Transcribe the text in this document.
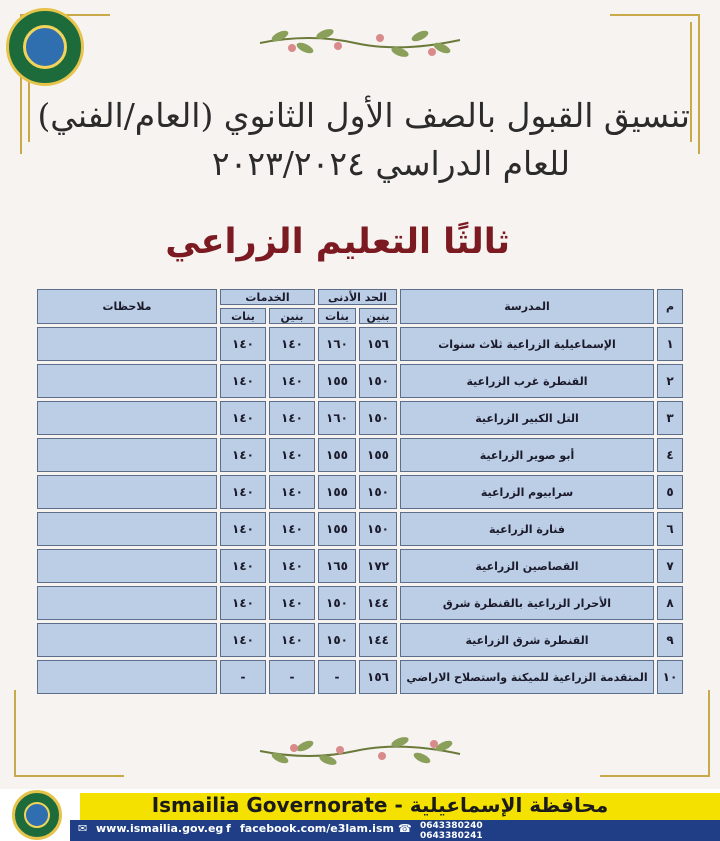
تنسيق القبول بالصف الأول الثانوي (العام/الفني)
للعام الدراسي ٢٠٢٣/٢٠٢٤
ثالثًا التعليم الزراعي
م	المدرسة	الحد الأدنى		الخدمات		ملاحظات
		بنين	بنات	بنين	بنات	
١	الإسماعيلية الزراعية ثلاث سنوات	١٥٦	١٦٠	١٤٠	١٤٠	
٢	القنطرة غرب الزراعية	١٥٠	١٥٥	١٤٠	١٤٠	
٣	التل الكبير الزراعية	١٥٠	١٦٠	١٤٠	١٤٠	
٤	أبو صوير الزراعية	١٥٥	١٥٥	١٤٠	١٤٠	
٥	سرابيوم الزراعية	١٥٠	١٥٥	١٤٠	١٤٠	
٦	فنارة الزراعية	١٥٠	١٥٥	١٤٠	١٤٠	
٧	القصاصين الزراعية	١٧٢	١٦٥	١٤٠	١٤٠	
٨	الأحرار الزراعية بالقنطرة شرق	١٤٤	١٥٠	١٤٠	١٤٠	
٩	القنطرة شرق الزراعية	١٤٤	١٥٠	١٤٠	١٤٠	
١٠	المتقدمة الزراعية للميكنة واستصلاح الاراضي	١٥٦	-	-	-	
محافظة الإسماعيلية - Ismailia Governorate
✉ www.ismailia.gov.eg f facebook.com/e3lam.ism ☎ 0643380240
0643380241
